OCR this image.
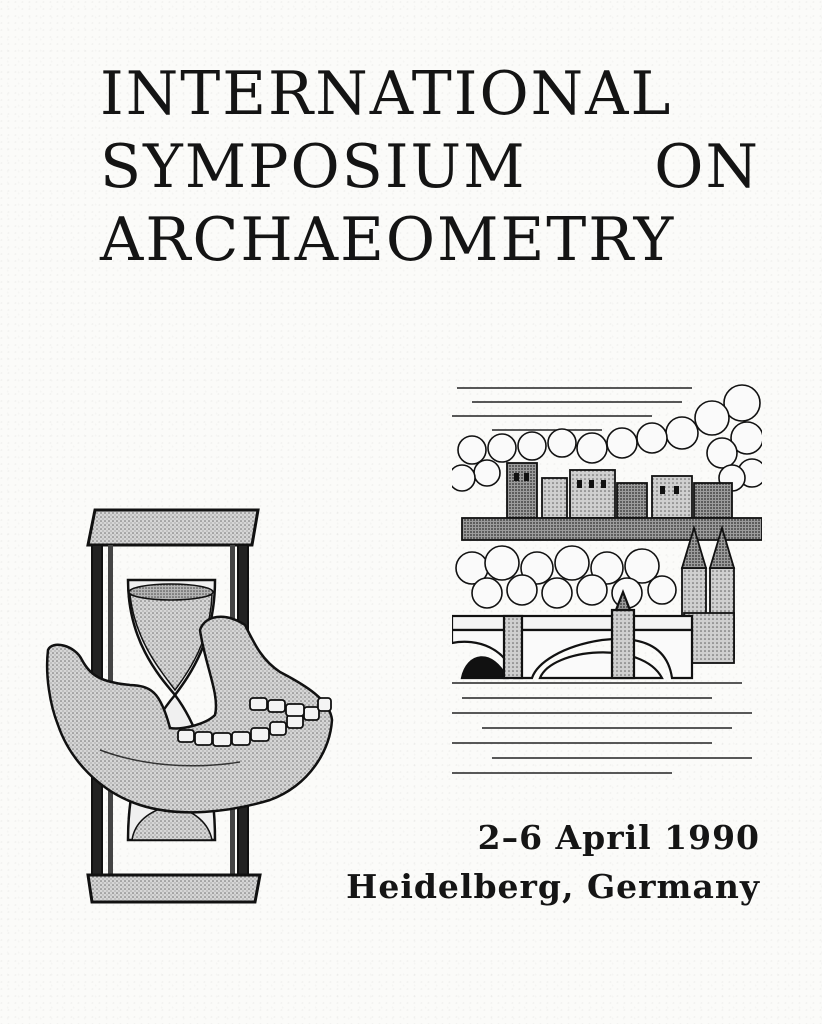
INTERNATIONAL
SYMPOSIUM ON
ARCHAEOMETRY
2–6 April 1990
Heidelberg, Germany
